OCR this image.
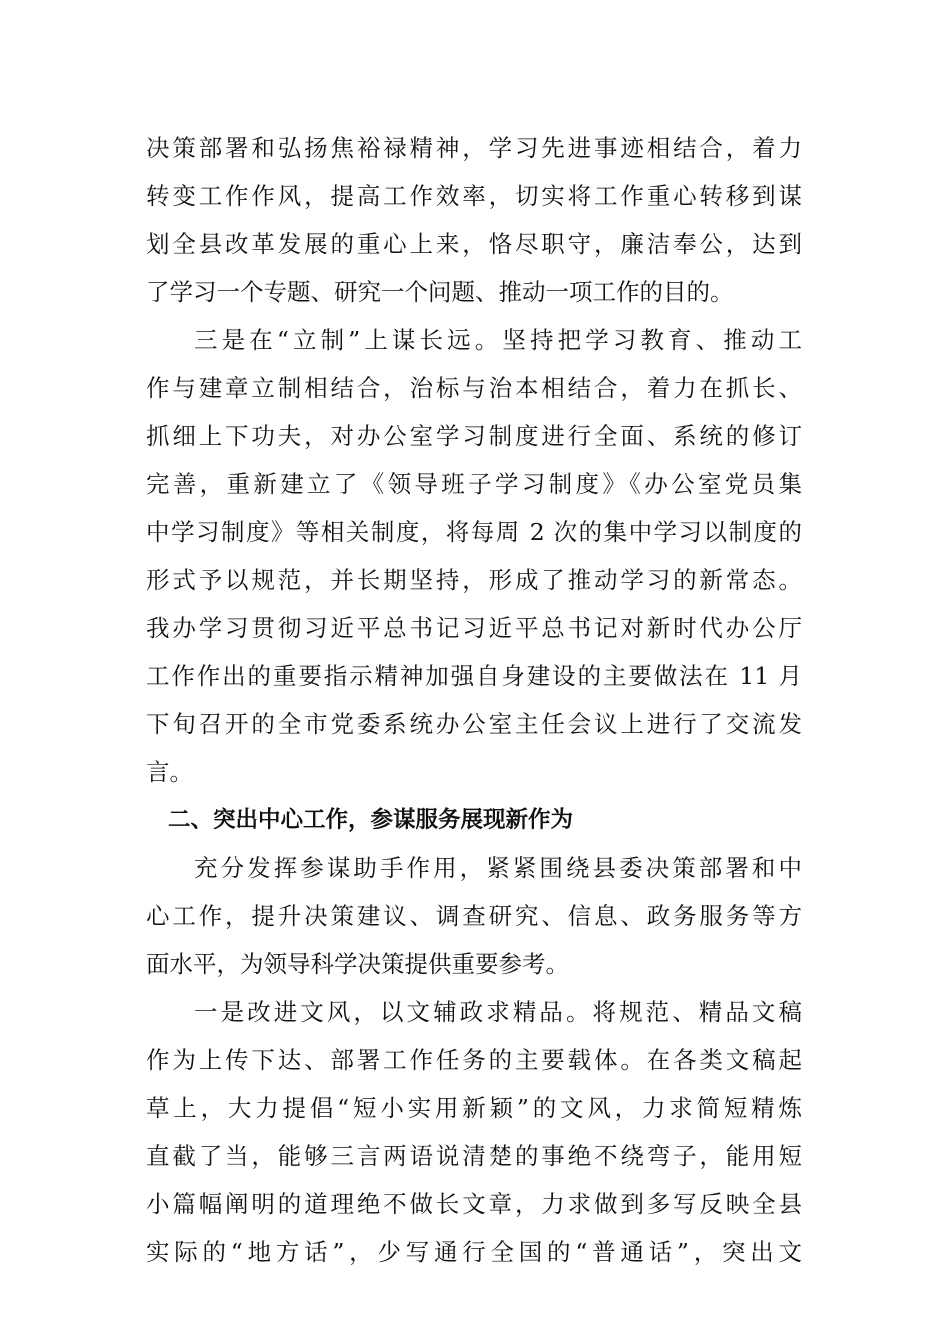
决策部署和弘扬焦裕禄精神，学习先进事迹相结合，着力
转变工作作风，提高工作效率，切实将工作重心转移到谋
划全县改革发展的重心上来，恪尽职守，廉洁奉公，达到
了学习一个专题、研究一个问题、推动一项工作的目的。
三是在“立制”上谋长远。坚持把学习教育、推动工
作与建章立制相结合，治标与治本相结合，着力在抓长、
抓细上下功夫，对办公室学习制度进行全面、系统的修订
完善，重新建立了《领导班子学习制度》《办公室党员集
中学习制度》等相关制度，将每周 2 次的集中学习以制度的
形式予以规范，并长期坚持，形成了推动学习的新常态。
我办学习贯彻习近平总书记习近平总书记对新时代办公厅
工作作出的重要指示精神加强自身建设的主要做法在 11 月
下旬召开的全市党委系统办公室主任会议上进行了交流发
言。
二、突出中心工作，参谋服务展现新作为
充分发挥参谋助手作用，紧紧围绕县委决策部署和中
心工作，提升决策建议、调查研究、信息、政务服务等方
面水平，为领导科学决策提供重要参考。
一是改进文风，以文辅政求精品。将规范、精品文稿
作为上传下达、部署工作任务的主要载体。在各类文稿起
草上，大力提倡“短小实用新颖”的文风，力求简短精炼
直截了当，能够三言两语说清楚的事绝不绕弯子，能用短
小篇幅阐明的道理绝不做长文章，力求做到多写反映全县
实际的“地方话”，少写通行全国的“普通话”，突出文
